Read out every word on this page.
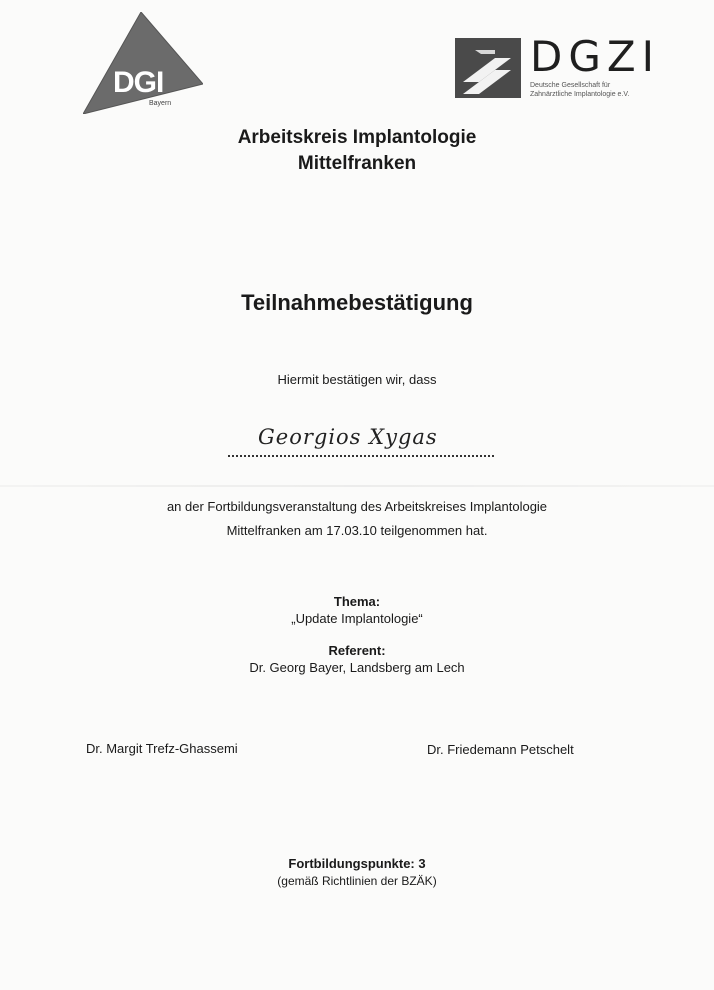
DGI
Bayern
DGZI
Deutsche Gesellschaft für
Zahnärztliche Implantologie e.V.
Arbeitskreis Implantologie
Mittelfranken
Teilnahmebestätigung
Hiermit bestätigen wir, dass
Georgios Xygas
an der Fortbildungsveranstaltung des Arbeitskreises Implantologie
Mittelfranken am 17.03.10 teilgenommen hat.
Thema:
„Update Implantologie“
Referent:
Dr. Georg Bayer, Landsberg am Lech
Dr. Margit Trefz-Ghassemi	Dr. Friedemann Petschelt
Fortbildungspunkte: 3
(gemäß Richtlinien der BZÄK)
